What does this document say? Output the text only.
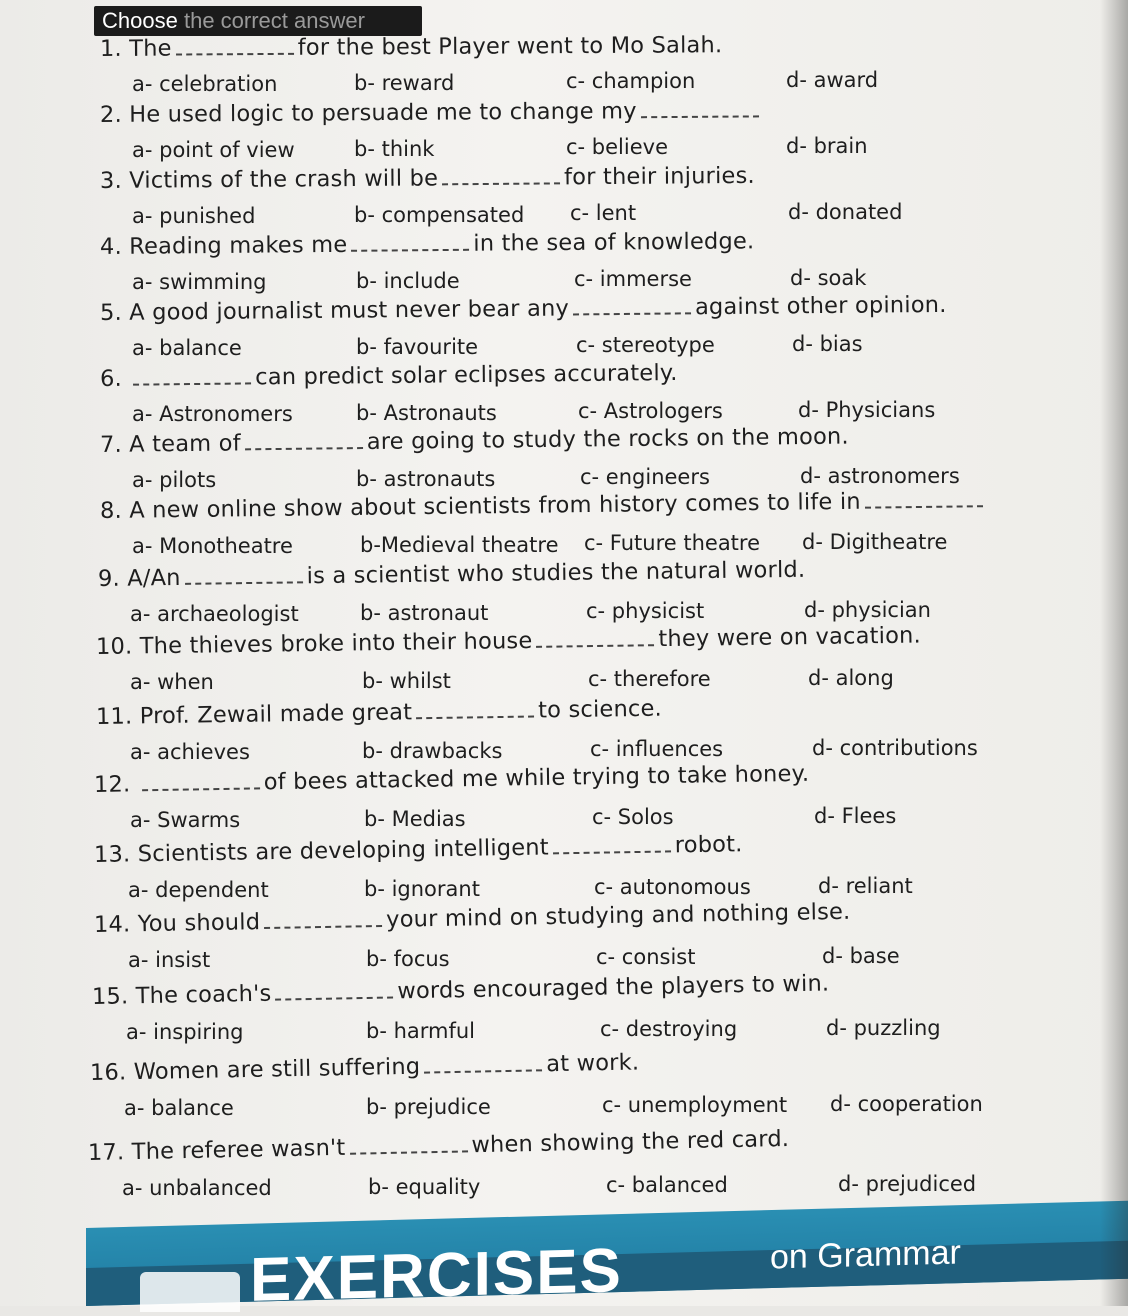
Choose the correct answer
1. The	for the best Player went to Mo Salah.
a- celebration	b- reward	c- champion	d- award
2. He used logic to persuade me to change my
a- point of view	b- think	c- believe	d- brain
3. Victims of the crash will be	for their injuries.
a- punished	b- compensated c- lent	d- donated
4. Reading makes me	in the sea of knowledge.
a- swimming	b- include	c- immerse	d- soak
5. A good journalist must never bear any	against other opinion.
a- balance	b- favourite	c- stereotype	d- bias
6.	can predict solar eclipses accurately.
a- Astronomers	b- Astronauts	c- Astrologers	d- Physicians
7. A team of	are going to study the rocks on the moon.
a- pilots	b- astronauts	c- engineers	d- astronomers
8. A new online show about scientists from history comes to life in
a- Monotheatre	b-Medieval theatre c- Future theatre d- Digitheatre
9. A/An	is a scientist who studies the natural world.
a- archaeologist	b- astronaut	c- physicist	d- physician
10. The thieves broke into their house	they were on vacation.
a- when	b- whilst	c- therefore	d- along
11. Prof. Zewail made great	to science.
a- achieves	b- drawbacks	c- influences	d- contributions
12.	of bees attacked me while trying to take honey.
a- Swarms	b- Medias	c- Solos	d- Flees
13. Scientists are developing intelligent	robot.
a- dependent	b- ignorant	c- autonomous	d- reliant
14. You should	your mind on studying and nothing else.
a- insist	b- focus	c- consist	d- base
15. The coach's	words encouraged the players to win.
a- inspiring	b- harmful	c- destroying	d- puzzling
16. Women are still suffering	at work.
a- balance	b- prejudice	c- unemployment d- cooperation
17. The referee wasn't	when showing the red card.
a- unbalanced	b- equality	c- balanced	d- prejudiced
EXERCISES	on Grammar
